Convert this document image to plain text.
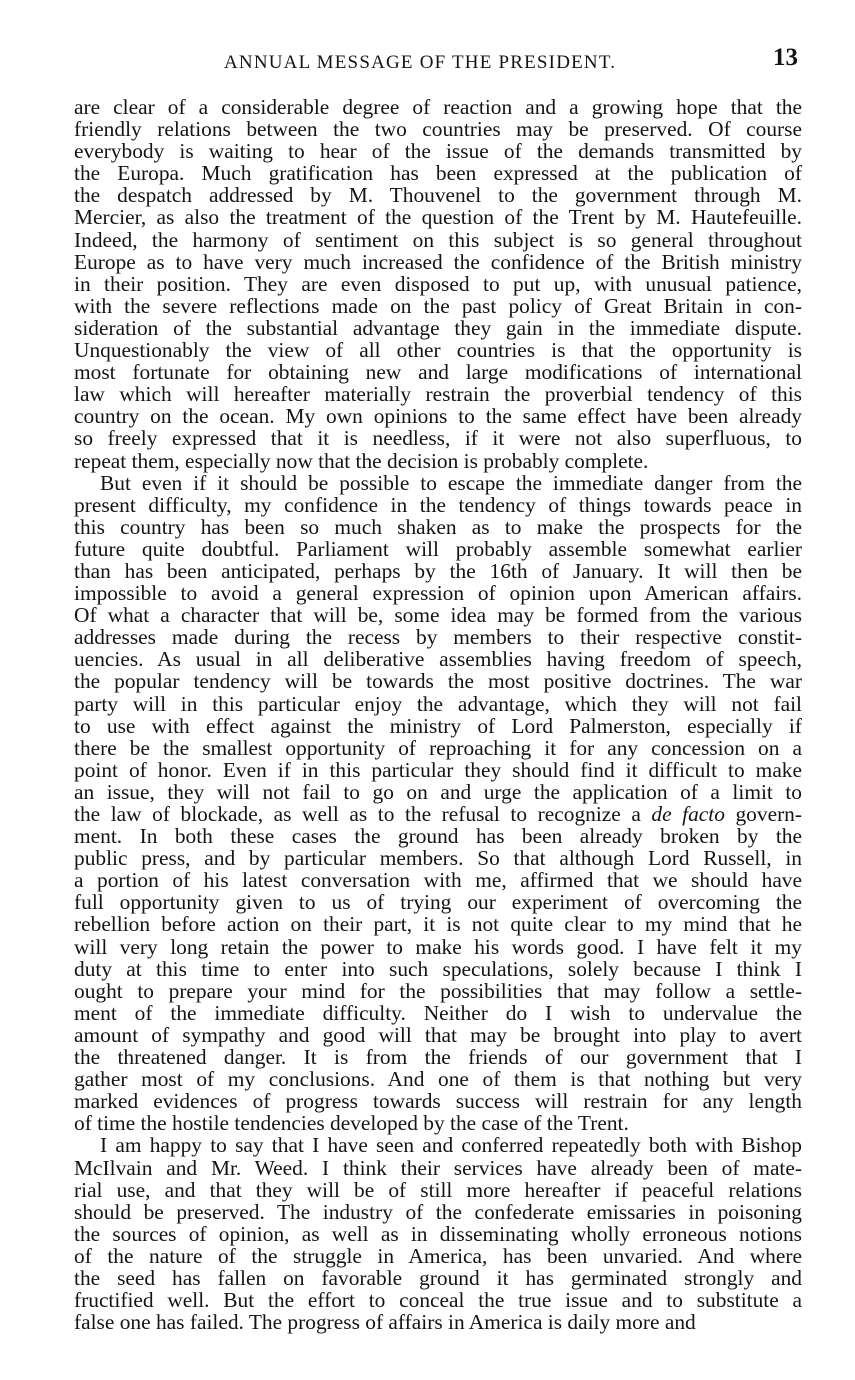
ANNUAL MESSAGE OF THE PRESIDENT.	13

are clear of a considerable degree of reaction and a growing hope that the
friendly relations between the two countries may be preserved. Of course
everybody is waiting to hear of the issue of the demands transmitted by
the Europa. Much gratification has been expressed at the publication of
the despatch addressed by M. Thouvenel to the government through M.
Mercier, as also the treatment of the question of the Trent by M. Hautefeuille.
Indeed, the harmony of sentiment on this subject is so general throughout
Europe as to have very much increased the confidence of the British ministry
in their position. They are even disposed to put up, with unusual patience,
with the severe reflections made on the past policy of Great Britain in con-
sideration of the substantial advantage they gain in the immediate dispute.
Unquestionably the view of all other countries is that the opportunity is
most fortunate for obtaining new and large modifications of international
law which will hereafter materially restrain the proverbial tendency of this
country on the ocean. My own opinions to the same effect have been already
so freely expressed that it is needless, if it were not also superfluous, to
repeat them, especially now that the decision is probably complete.

But even if it should be possible to escape the immediate danger from the
present difficulty, my confidence in the tendency of things towards peace in
this country has been so much shaken as to make the prospects for the
future quite doubtful. Parliament will probably assemble somewhat earlier
than has been anticipated, perhaps by the 16th of January. It will then be
impossible to avoid a general expression of opinion upon American affairs.
Of what a character that will be, some idea may be formed from the various
addresses made during the recess by members to their respective constit-
uencies. As usual in all deliberative assemblies having freedom of speech,
the popular tendency will be towards the most positive doctrines. The war
party will in this particular enjoy the advantage, which they will not fail
to use with effect against the ministry of Lord Palmerston, especially if
there be the smallest opportunity of reproaching it for any concession on a
point of honor. Even if in this particular they should find it difficult to make
an issue, they will not fail to go on and urge the application of a limit to
the law of blockade, as well as to the refusal to recognize a de facto govern-
ment. In both these cases the ground has been already broken by the
public press, and by particular members. So that although Lord Russell, in
a portion of his latest conversation with me, affirmed that we should have
full opportunity given to us of trying our experiment of overcoming the
rebellion before action on their part, it is not quite clear to my mind that he
will very long retain the power to make his words good. I have felt it my
duty at this time to enter into such speculations, solely because I think I
ought to prepare your mind for the possibilities that may follow a settle-
ment of the immediate difficulty. Neither do I wish to undervalue the
amount of sympathy and good will that may be brought into play to avert
the threatened danger. It is from the friends of our government that I
gather most of my conclusions. And one of them is that nothing but very
marked evidences of progress towards success will restrain for any length
of time the hostile tendencies developed by the case of the Trent.

I am happy to say that I have seen and conferred repeatedly both with Bishop
McIlvain and Mr. Weed. I think their services have already been of mate-
rial use, and that they will be of still more hereafter if peaceful relations
should be preserved. The industry of the confederate emissaries in poisoning
the sources of opinion, as well as in disseminating wholly erroneous notions
of the nature of the struggle in America, has been unvaried. And where
the seed has fallen on favorable ground it has germinated strongly and
fructified well. But the effort to conceal the true issue and to substitute a
false one has failed. The progress of affairs in America is daily more and
